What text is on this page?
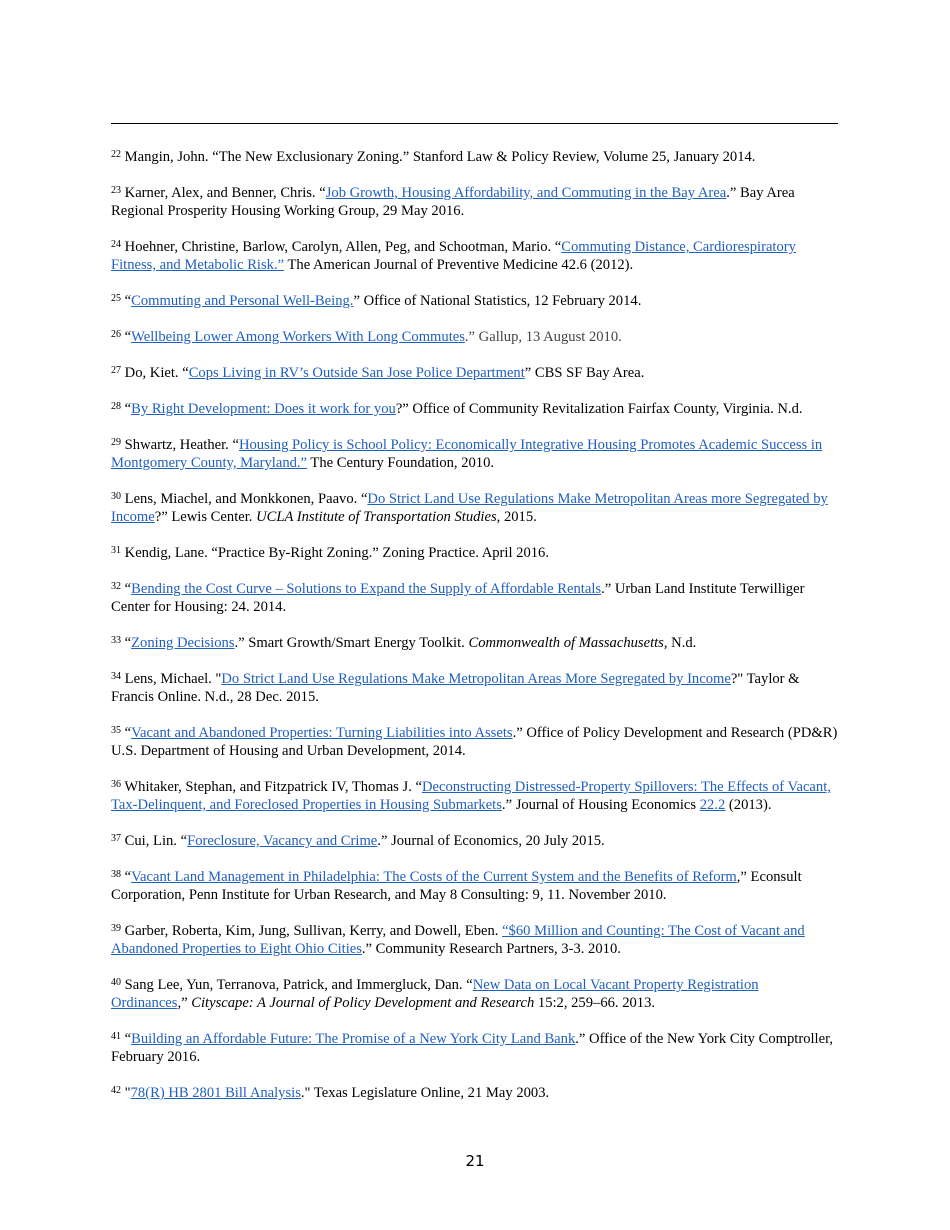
$^{22}$ Mangin, John. “The New Exclusionary Zoning.” Stanford Law & Policy Review, Volume 25, January 2014.

$^{23}$ Karner, Alex, and Benner, Chris. “Job Growth, Housing Affordability, and Commuting in the Bay Area.” Bay Area Regional Prosperity Housing Working Group, 29 May 2016.

$^{24}$ Hoehner, Christine, Barlow, Carolyn, Allen, Peg, and Schootman, Mario. “Commuting Distance, Cardiorespiratory Fitness, and Metabolic Risk.” The American Journal of Preventive Medicine 42.6 (2012).

$^{25}$ “Commuting and Personal Well-Being.” Office of National Statistics, 12 February 2014.

$^{26}$ “Wellbeing Lower Among Workers With Long Commutes.” Gallup, 13 August 2010.

$^{27}$ Do, Kiet. “Cops Living in RV’s Outside San Jose Police Department” CBS SF Bay Area.

$^{28}$ “By Right Development: Does it work for you?” Office of Community Revitalization Fairfax County, Virginia. N.d.

$^{29}$ Shwartz, Heather. “Housing Policy is School Policy: Economically Integrative Housing Promotes Academic Success in Montgomery County, Maryland.” The Century Foundation, 2010.

$^{30}$ Lens, Miachel, and Monkkonen, Paavo. “Do Strict Land Use Regulations Make Metropolitan Areas more Segregated by Income?” Lewis Center. UCLA Institute of Transportation Studies, 2015.

$^{31}$ Kendig, Lane. “Practice By-Right Zoning.” Zoning Practice. April 2016.

$^{32}$ “Bending the Cost Curve – Solutions to Expand the Supply of Affordable Rentals.” Urban Land Institute Terwilliger Center for Housing: 24. 2014.

$^{33}$ “Zoning Decisions.” Smart Growth/Smart Energy Toolkit. Commonwealth of Massachusetts, N.d.

$^{34}$ Lens, Michael. "Do Strict Land Use Regulations Make Metropolitan Areas More Segregated by Income?" Taylor & Francis Online. N.d., 28 Dec. 2015.

$^{35}$ “Vacant and Abandoned Properties: Turning Liabilities into Assets.” Office of Policy Development and Research (PD&R) U.S. Department of Housing and Urban Development, 2014.

$^{36}$ Whitaker, Stephan, and Fitzpatrick IV, Thomas J. “Deconstructing Distressed-Property Spillovers: The Effects of Vacant, Tax-Delinquent, and Foreclosed Properties in Housing Submarkets.” Journal of Housing Economics 22.2 (2013).

$^{37}$ Cui, Lin. “Foreclosure, Vacancy and Crime.” Journal of Economics, 20 July 2015.

$^{38}$ “Vacant Land Management in Philadelphia: The Costs of the Current System and the Benefits of Reform,” Econsult Corporation, Penn Institute for Urban Research, and May 8 Consulting: 9, 11. November 2010.

$^{39}$ Garber, Roberta, Kim, Jung, Sullivan, Kerry, and Dowell, Eben. “$60 Million and Counting: The Cost of Vacant and Abandoned Properties to Eight Ohio Cities.” Community Research Partners, 3-3. 2010.

$^{40}$ Sang Lee, Yun, Terranova, Patrick, and Immergluck, Dan. “New Data on Local Vacant Property Registration Ordinances,” Cityscape: A Journal of Policy Development and Research 15:2, 259–66. 2013.

$^{41}$ “Building an Affordable Future: The Promise of a New York City Land Bank.” Office of the New York City Comptroller, February 2016.

$^{42}$ "78(R) HB 2801 Bill Analysis." Texas Legislature Online, 21 May 2003.

21
